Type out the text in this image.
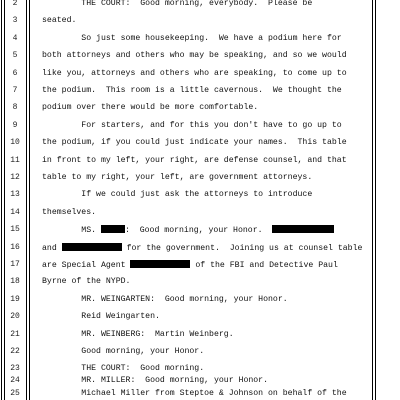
2	THE COURT:  Good morning, everybody.  Please be
3	seated.
4	So just some housekeeping.  We have a podium here for
5	both attorneys and others who may be speaking, and so we would
6	like you, attorneys and others who are speaking, to come up to
7	the podium.  This room is a little cavernous.  We thought the
8	podium over there would be more comfortable.
9	For starters, and for this you don't have to go up to
10	the podium, if you could just indicate your names.  This table
11	in front to my left, your right, are defense counsel, and that
12	table to my right, your left, are government attorneys.
13	If we could just ask the attorneys to introduce
14	themselves.
15	MS.	:  Good morning, your Honor.
16	and	for the government.  Joining us at counsel table
17	are Special Agent	of the FBI and Detective Paul
18	Byrne of the NYPD.
19	MR. WEINGARTEN:  Good morning, your Honor.
20	Reid Weingarten.
21	MR. WEINBERG:  Martin Weinberg.
22	Good morning, your Honor.
23	THE COURT:  Good morning.
24	MR. MILLER:  Good morning, your Honor.
25	Michael Miller from Steptoe & Johnson on behalf of the
